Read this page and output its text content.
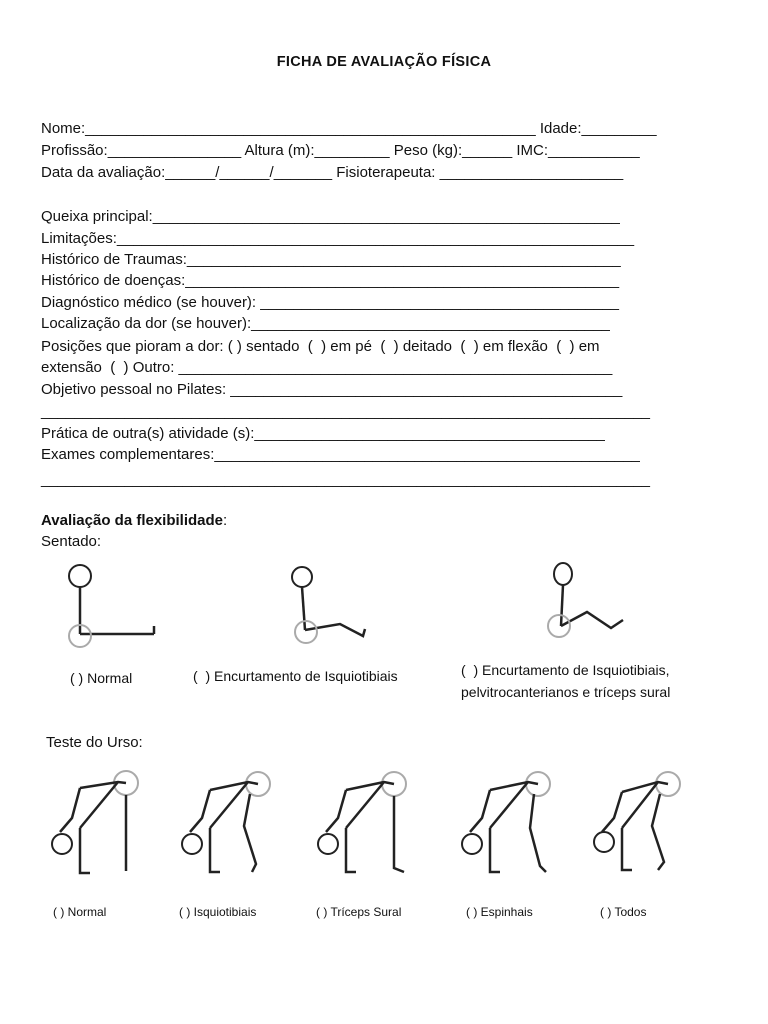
FICHA DE AVALIAÇÃO FÍSICA
Nome:______________________________________________________ Idade:_________
Profissão:________________ Altura (m):_________ Peso (kg):______ IMC:___________
Data da avaliação:______/______/_______ Fisioterapeuta: ______________________
Queixa principal:________________________________________________________
Limitações:______________________________________________________________
Histórico de Traumas:____________________________________________________
Histórico de doenças:____________________________________________________
Diagnóstico médico (se houver): ___________________________________________
Localização da dor (se houver):___________________________________________
Posições que pioram a dor: ( ) sentado  (  ) em pé  (  ) deitado  (  ) em flexão  (  ) em
extensão  (  ) Outro: ____________________________________________________
Objetivo pessoal no Pilates: _______________________________________________
_________________________________________________________________________
Prática de outra(s) atividade (s):__________________________________________
Exames complementares:___________________________________________________
_________________________________________________________________________
Avaliação da flexibilidade:
Sentado:
( ) Normal	(  ) Encurtamento de Isquiotibiais	(  ) Encurtamento de Isquiotibiais,
pelvitrocanterianos e tríceps sural
Teste do Urso:
( ) Normal	( ) Isquiotibiais	( ) Tríceps Sural	( ) Espinhais	( ) Todos
